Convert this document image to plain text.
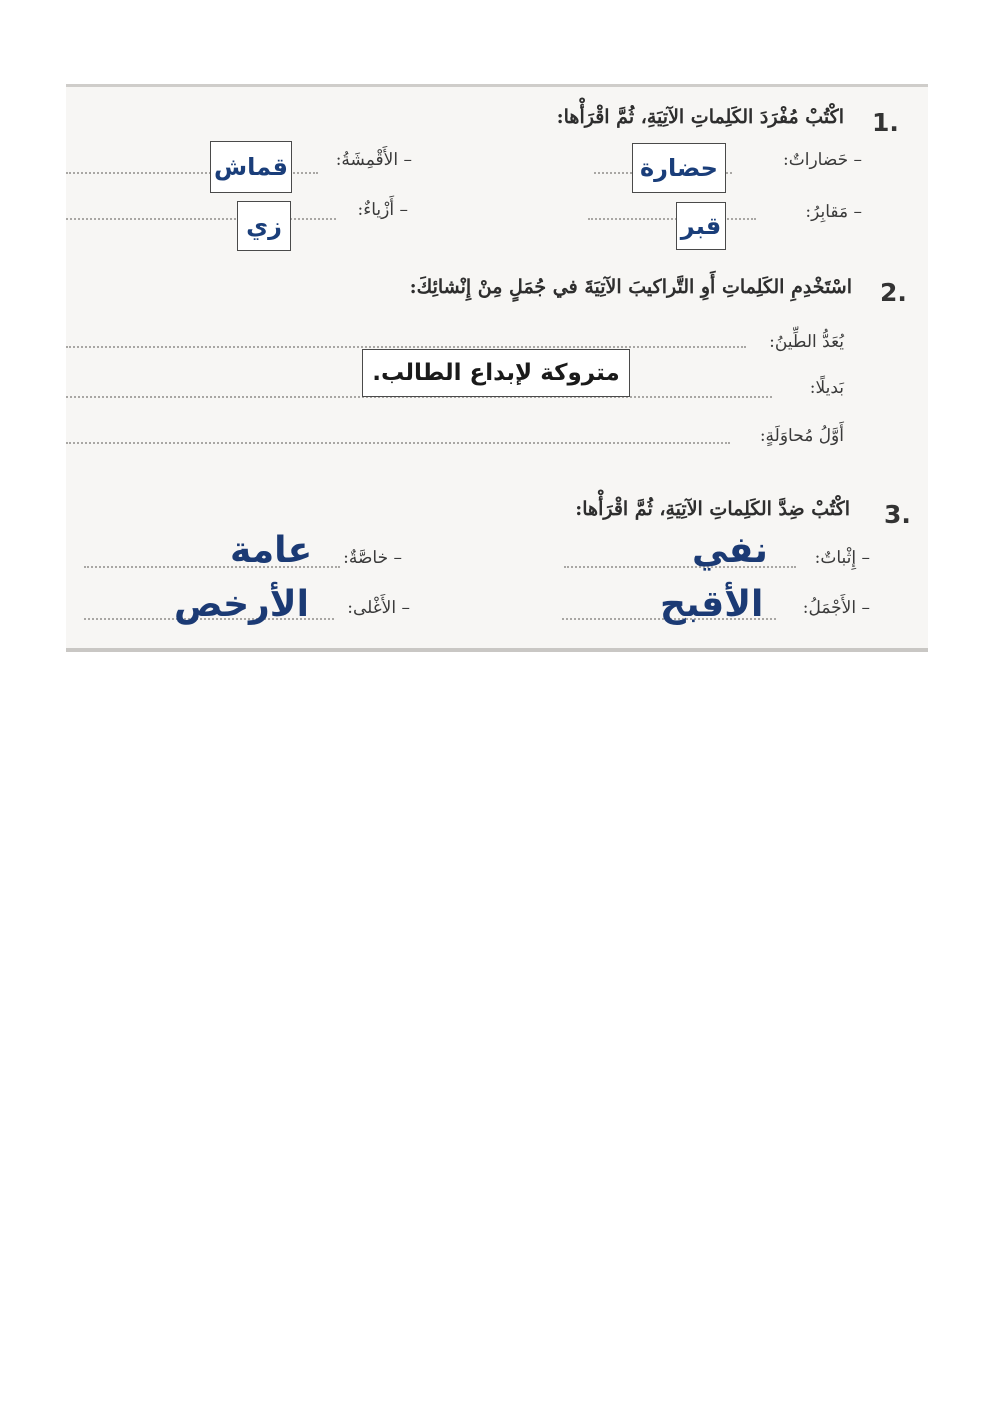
1.
اكْتُبْ مُفْرَدَ الكَلِماتِ الآتِيَةِ، ثُمَّ اقْرَأْها:
– حَضاراتٌ:
حضارة
– الأَقْمِشَةُ:
قماش
– مَقابِرُ:
قبر
– أَزْياءٌ:
زي
2.
اسْتَخْدِمِ الكَلِماتِ أَوِ التَّراكيبَ الآتِيَةَ في جُمَلٍ مِنْ إِنْشائِكَ:
يُعَدُّ الطِّينُ:
بَديلًا:
أَوَّلُ مُحاوَلَةٍ:
متروكة لإبداع الطالب.
3.
اكْتُبْ ضِدَّ الكَلِماتِ الآتِيَةِ، ثُمَّ اقْرَأْها:
– إِثْباتٌ:
نفي
– خاصَّةٌ:
عامة
– الأَجْمَلُ:
الأقبح
– الأَغْلى:
الأرخص
